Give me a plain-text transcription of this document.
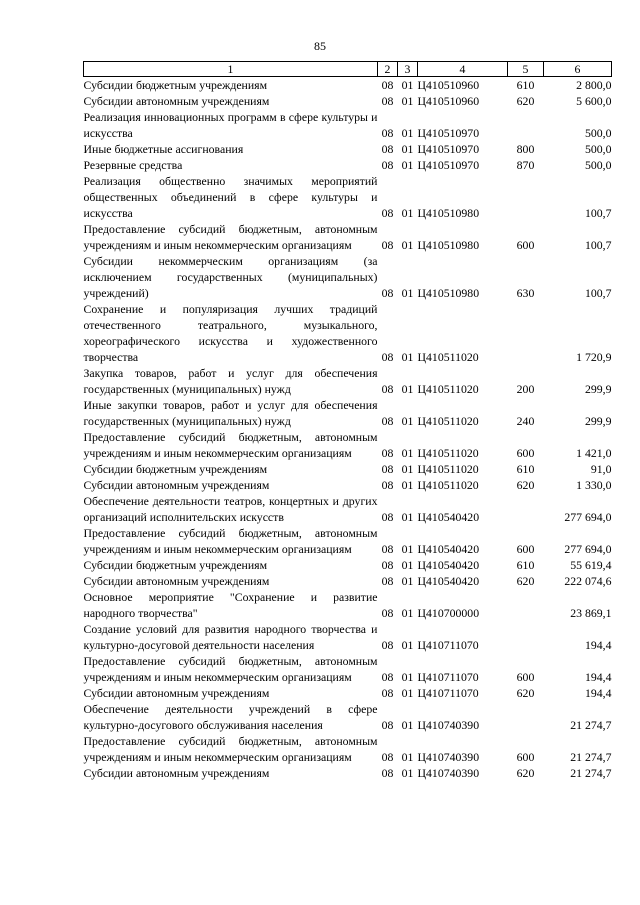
85
1	2	3	4	5	6
Субсидии бюджетным учреждениям	08	01	Ц410510960	610	2 800,0
Субсидии автономным учреждениям	08	01	Ц410510960	620	5 600,0
Реализация инновационных программ в сфере культуры и искусства	08	01	Ц410510970		500,0
Иные бюджетные ассигнования	08	01	Ц410510970	800	500,0
Резервные средства	08	01	Ц410510970	870	500,0
Реализация общественно значимых мероприятий общественных объединений в сфере культуры и искусства	08	01	Ц410510980		100,7
Предоставление субсидий бюджетным, автономным учреждениям и иным некоммерческим организациям	08	01	Ц410510980	600	100,7
Субсидии некоммерческим организациям (за исключением государственных (муниципальных) учреждений)	08	01	Ц410510980	630	100,7
Сохранение и популяризация лучших традиций отечественного театрального, музыкального, хореографического искусства и художественного творчества	08	01	Ц410511020		1 720,9
Закупка товаров, работ и услуг для обеспечения государственных (муниципальных) нужд	08	01	Ц410511020	200	299,9
Иные закупки товаров, работ и услуг для обеспечения государственных (муниципальных) нужд	08	01	Ц410511020	240	299,9
Предоставление субсидий бюджетным, автономным учреждениям и иным некоммерческим организациям	08	01	Ц410511020	600	1 421,0
Субсидии бюджетным учреждениям	08	01	Ц410511020	610	91,0
Субсидии автономным учреждениям	08	01	Ц410511020	620	1 330,0
Обеспечение деятельности театров, концертных и других организаций исполнительских искусств	08	01	Ц410540420		277 694,0
Предоставление субсидий бюджетным, автономным учреждениям и иным некоммерческим организациям	08	01	Ц410540420	600	277 694,0
Субсидии бюджетным учреждениям	08	01	Ц410540420	610	55 619,4
Субсидии автономным учреждениям	08	01	Ц410540420	620	222 074,6
Основное мероприятие "Сохранение и развитие народного творчества"	08	01	Ц410700000		23 869,1
Создание условий для развития народного творчества и культурно-досуговой деятельности населения	08	01	Ц410711070		194,4
Предоставление субсидий бюджетным, автономным учреждениям и иным некоммерческим организациям	08	01	Ц410711070	600	194,4
Субсидии автономным учреждениям	08	01	Ц410711070	620	194,4
Обеспечение деятельности учреждений в сфере культурно-досугового обслуживания населения	08	01	Ц410740390		21 274,7
Предоставление субсидий бюджетным, автономным учреждениям и иным некоммерческим организациям	08	01	Ц410740390	600	21 274,7
Субсидии автономным учреждениям	08	01	Ц410740390	620	21 274,7
